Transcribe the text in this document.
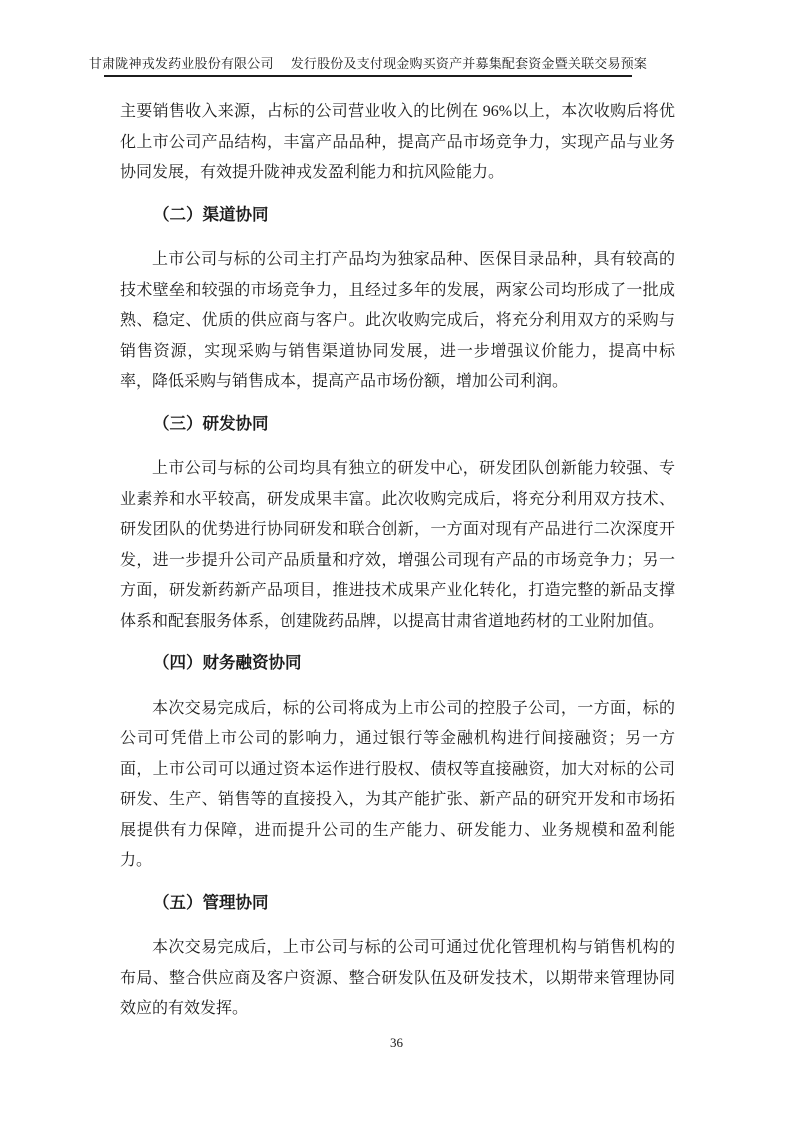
甘肃陇神戎发药业股份有限公司 发行股份及支付现金购买资产并募集配套资金暨关联交易预案

主要销售收入来源，占标的公司营业收入的比例在 96%以上，本次收购后将优化上市公司产品结构，丰富产品品种，提高产品市场竞争力，实现产品与业务协同发展，有效提升陇神戎发盈利能力和抗风险能力。

（二）渠道协同

上市公司与标的公司主打产品均为独家品种、医保目录品种，具有较高的技术壁垒和较强的市场竞争力，且经过多年的发展，两家公司均形成了一批成熟、稳定、优质的供应商与客户。此次收购完成后，将充分利用双方的采购与销售资源，实现采购与销售渠道协同发展，进一步增强议价能力，提高中标率，降低采购与销售成本，提高产品市场份额，增加公司利润。

（三）研发协同

上市公司与标的公司均具有独立的研发中心，研发团队创新能力较强、专业素养和水平较高，研发成果丰富。此次收购完成后，将充分利用双方技术、研发团队的优势进行协同研发和联合创新，一方面对现有产品进行二次深度开发，进一步提升公司产品质量和疗效，增强公司现有产品的市场竞争力；另一方面，研发新药新产品项目，推进技术成果产业化转化，打造完整的新品支撑体系和配套服务体系，创建陇药品牌，以提高甘肃省道地药材的工业附加值。

（四）财务融资协同

本次交易完成后，标的公司将成为上市公司的控股子公司，一方面，标的公司可凭借上市公司的影响力，通过银行等金融机构进行间接融资；另一方面，上市公司可以通过资本运作进行股权、债权等直接融资，加大对标的公司研发、生产、销售等的直接投入，为其产能扩张、新产品的研究开发和市场拓展提供有力保障，进而提升公司的生产能力、研发能力、业务规模和盈利能力。

（五）管理协同

本次交易完成后，上市公司与标的公司可通过优化管理机构与销售机构的布局、整合供应商及客户资源、整合研发队伍及研发技术，以期带来管理协同效应的有效发挥。

36
